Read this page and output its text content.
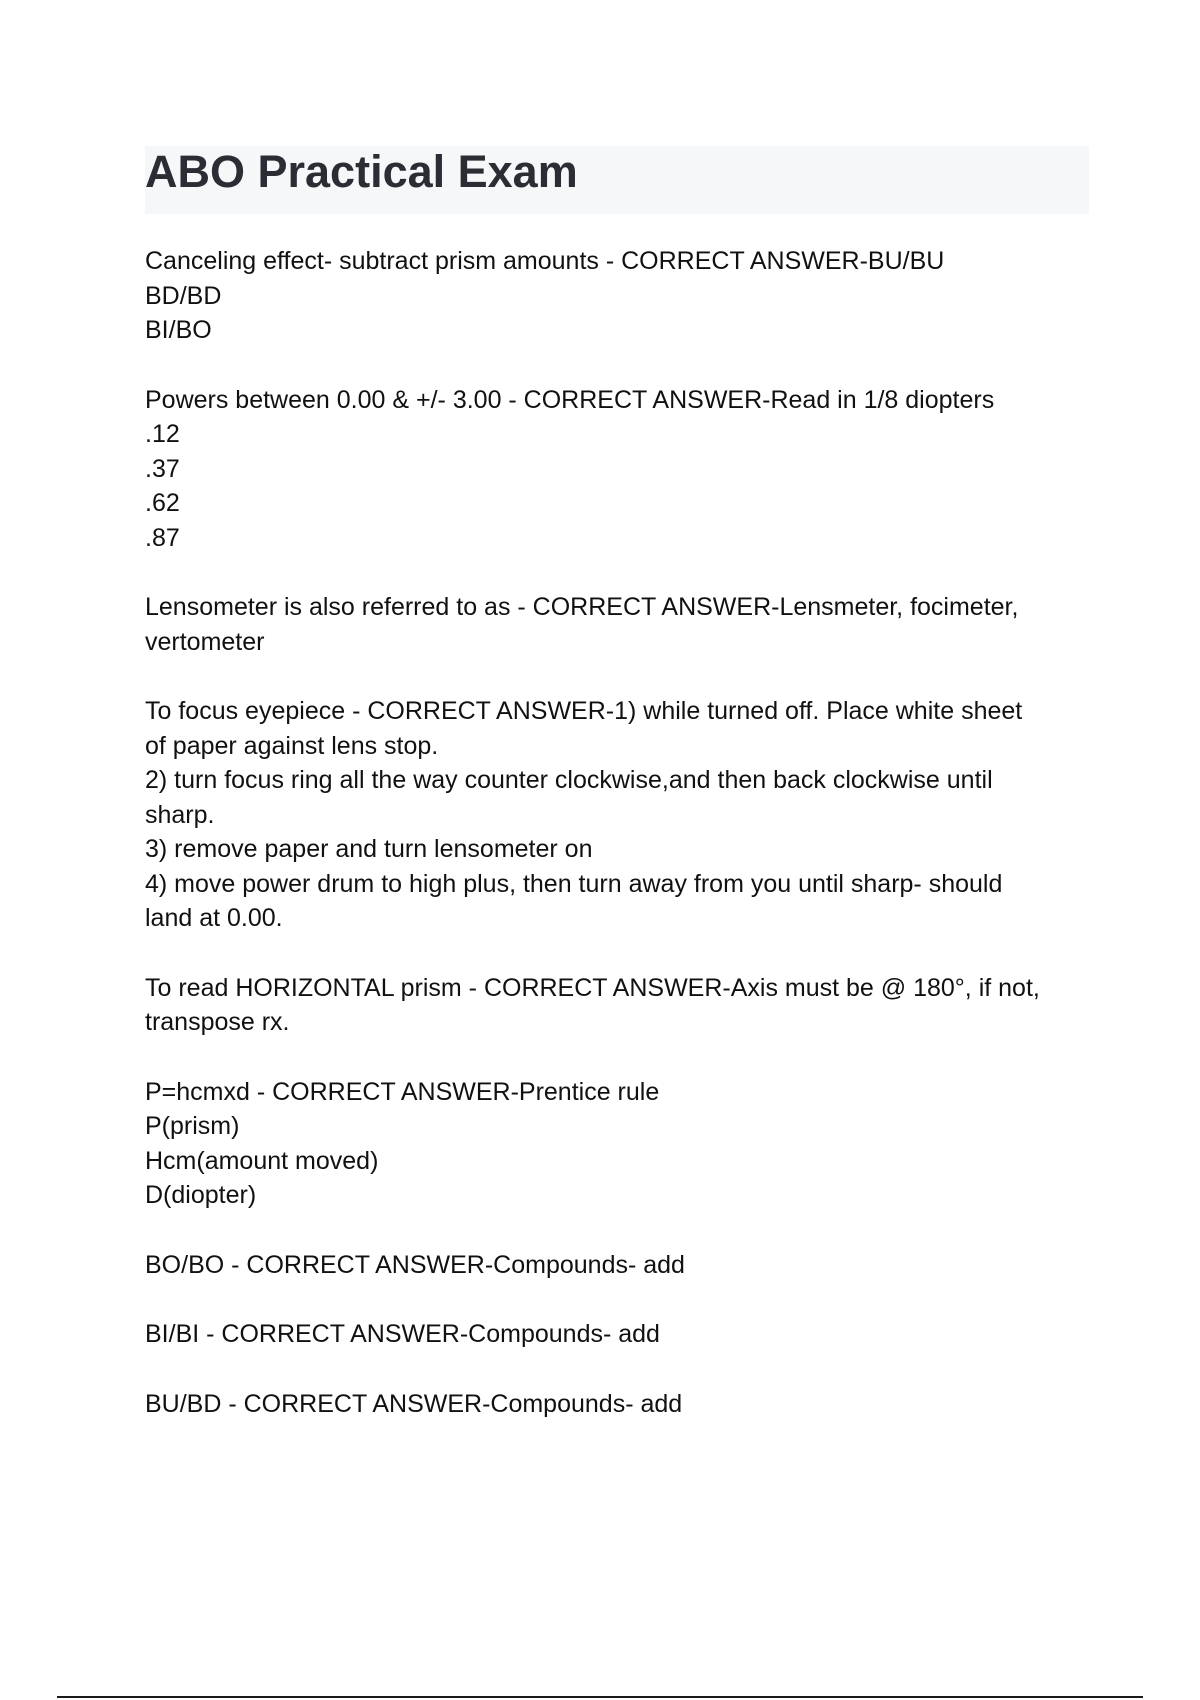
ABO Practical Exam
Canceling effect- subtract prism amounts - CORRECT ANSWER-BU/BU
BD/BD
BI/BO
Powers between 0.00 & +/- 3.00 - CORRECT ANSWER-Read in 1/8 diopters
.12
.37
.62
.87
Lensometer is also referred to as - CORRECT ANSWER-Lensmeter, focimeter,
vertometer
To focus eyepiece - CORRECT ANSWER-1) while turned off. Place white sheet
of paper against lens stop.
2) turn focus ring all the way counter clockwise,and then back clockwise until
sharp.
3) remove paper and turn lensometer on
4) move power drum to high plus, then turn away from you until sharp- should
land at 0.00.
To read HORIZONTAL prism - CORRECT ANSWER-Axis must be @ 180°, if not,
transpose rx.
P=hcmxd - CORRECT ANSWER-Prentice rule
P(prism)
Hcm(amount moved)
D(diopter)
BO/BO - CORRECT ANSWER-Compounds- add
BI/BI - CORRECT ANSWER-Compounds- add
BU/BD - CORRECT ANSWER-Compounds- add
